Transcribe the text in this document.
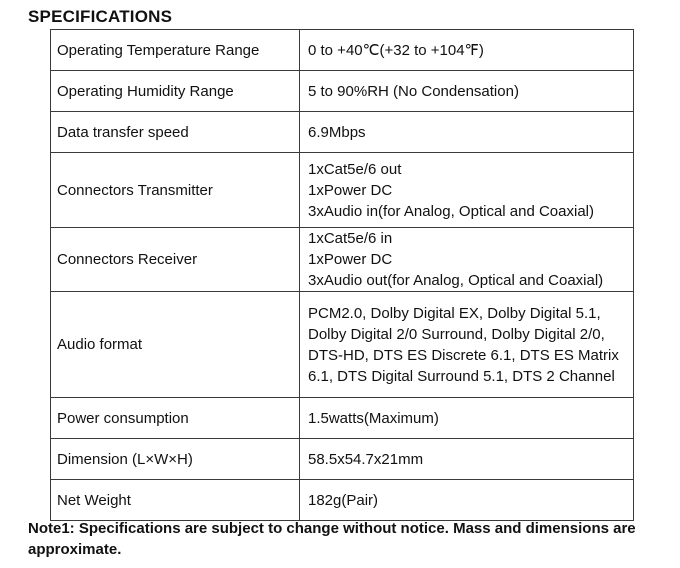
SPECIFICATIONS
Operating Temperature Range	0 to +40℃(+32 to +104℉)

Operating Humidity Range	5 to 90%RH (No Condensation)

Data transfer speed	6.9Mbps

Connectors Transmitter	1xCat5e/6 out
1xPower DC
3xAudio in(for Analog, Optical and Coaxial)

Connectors Receiver	1xCat5e/6 in
1xPower DC
3xAudio out(for Analog, Optical and Coaxial)

Audio format	PCM2.0, Dolby Digital EX, Dolby Digital 5.1, Dolby Digital 2/0 Surround, Dolby Digital 2/0, DTS-HD, DTS ES Discrete 6.1, DTS ES Matrix 6.1, DTS Digital Surround 5.1, DTS 2 Channel

Power consumption	1.5watts(Maximum)

Dimension (L×W×H)	58.5x54.7x21mm

Net Weight	182g(Pair)

Note1: Specifications are subject to change without notice. Mass and dimensions are approximate.
